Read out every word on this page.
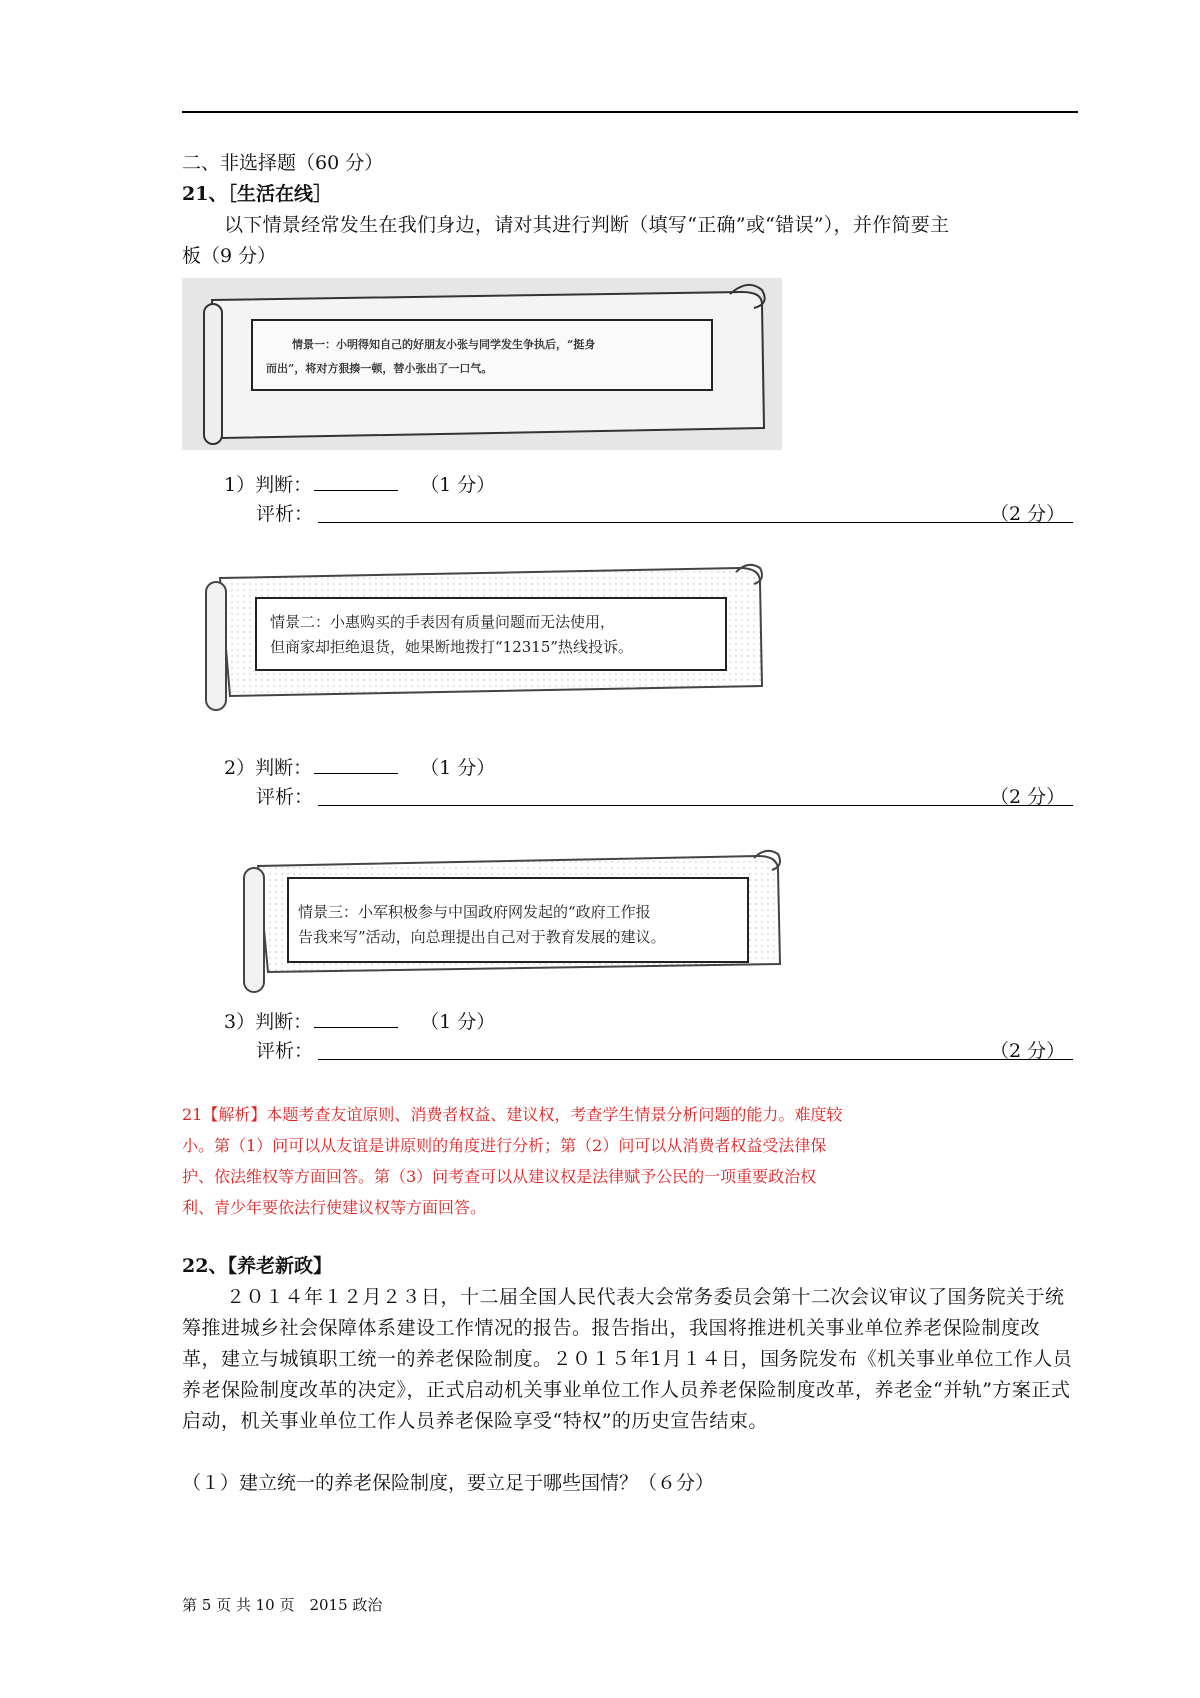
二、非选择题（60 分）
21、［生活在线］
以下情景经常发生在我们身边，请对其进行判断（填写“正确”或“错误”），并作简要主
板（9 分）
情景一：小明得知自己的好朋友小张与同学发生争执后，“挺身
而出”，将对方狠揍一顿，替小张出了一口气。
1）判断：	（1 分）
评析：	（2 分）
情景二：小惠购买的手表因有质量问题而无法使用，
但商家却拒绝退货，她果断地拨打“12315”热线投诉。
2）判断：	（1 分）
评析：	（2 分）
情景三：小军积极参与中国政府网发起的“政府工作报
告我来写”活动，向总理提出自己对于教育发展的建议。
3）判断：	（1 分）
评析：	（2 分）
21【解析】本题考查友谊原则、消费者权益、建议权，考查学生情景分析问题的能力。难度较
小。第（1）问可以从友谊是讲原则的角度进行分析；第（2）问可以从消费者权益受法律保
护、依法维权等方面回答。第（3）问考查可以从建议权是法律赋予公民的一项重要政治权
利、青少年要依法行使建议权等方面回答。
22、【养老新政】
２０１４年１２月２３日，十二届全国人民代表大会常务委员会第十二次会议审议了国务院关于统筹推进城乡社会保障体系建设工作情况的报告。报告指出，我国将推进机关事业单位养老保险制度改革，建立与城镇职工统一的养老保险制度。２０１５年1月１４日，国务院发布《机关事业单位工作人员养老保险制度改革的决定》，正式启动机关事业单位工作人员养老保险制度改革，养老金“并轨”方案正式启动，机关事业单位工作人员养老保险享受“特权”的历史宣告结束。
（１）建立统一的养老保险制度，要立足于哪些国情？（６分）
第 5 页 共 10 页　2015 政治
